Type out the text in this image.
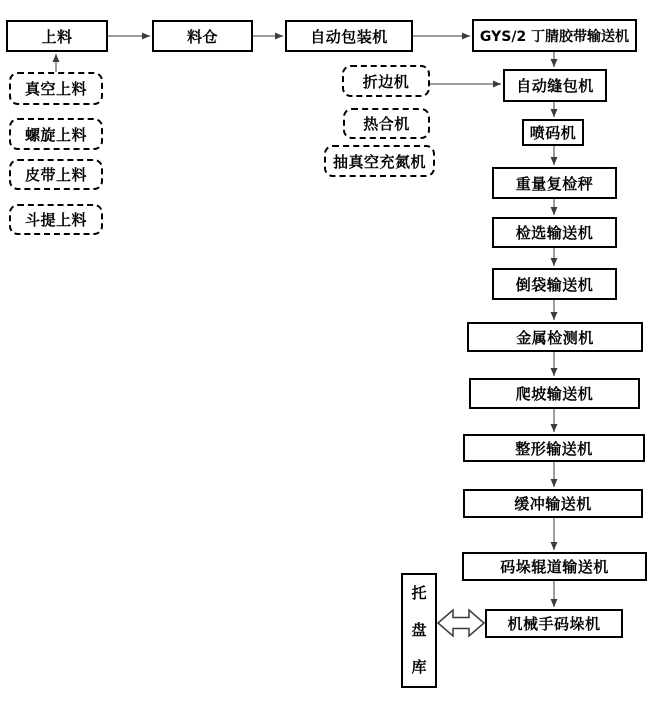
上料	料仓	自动包装机	GYS/2 丁腈胶带输送机
真空上料
螺旋上料
皮带上料
斗提上料
折边机
热合机
抽真空充氮机
自动缝包机
喷码机
重量复检秤
检选输送机
倒袋输送机
金属检测机
爬坡输送机
整形输送机
缓冲输送机
码垛辊道输送机
机械手码垛机
托
盘
库
